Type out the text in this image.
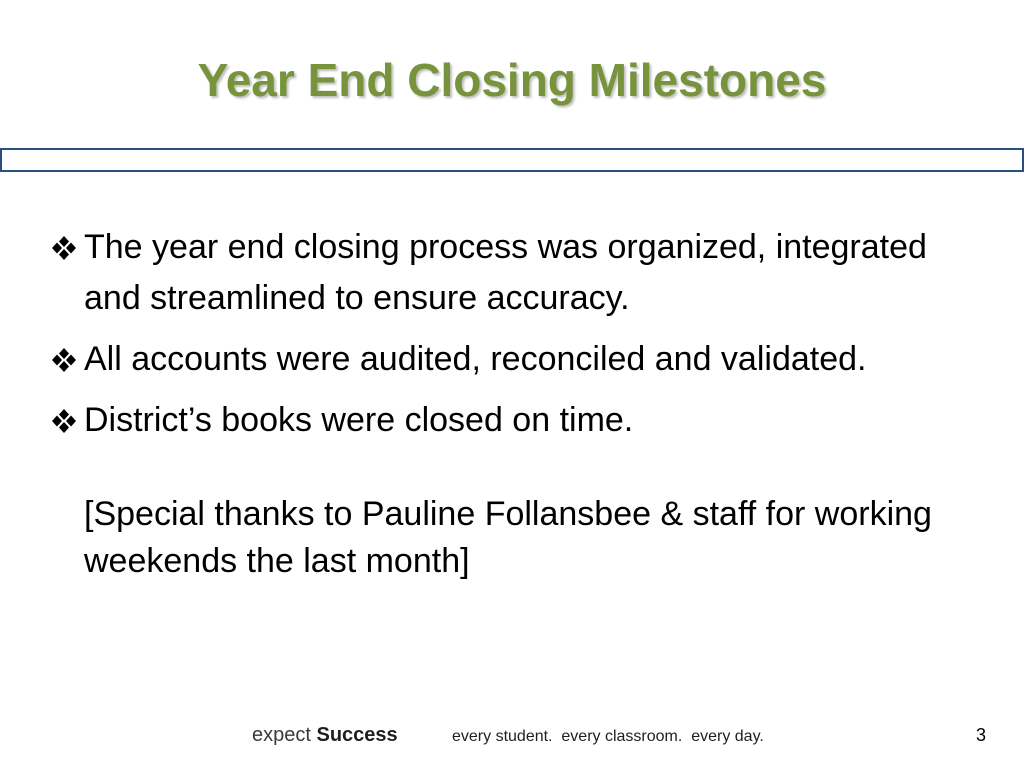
Year End Closing Milestones
The year end closing process was organized, integrated and streamlined to ensure accuracy.
All accounts were audited, reconciled and validated.
District’s books were closed on time.
[Special thanks to Pauline Follansbee & staff for working weekends the last month]
expect Success	every student.  every classroom.  every day.	3
